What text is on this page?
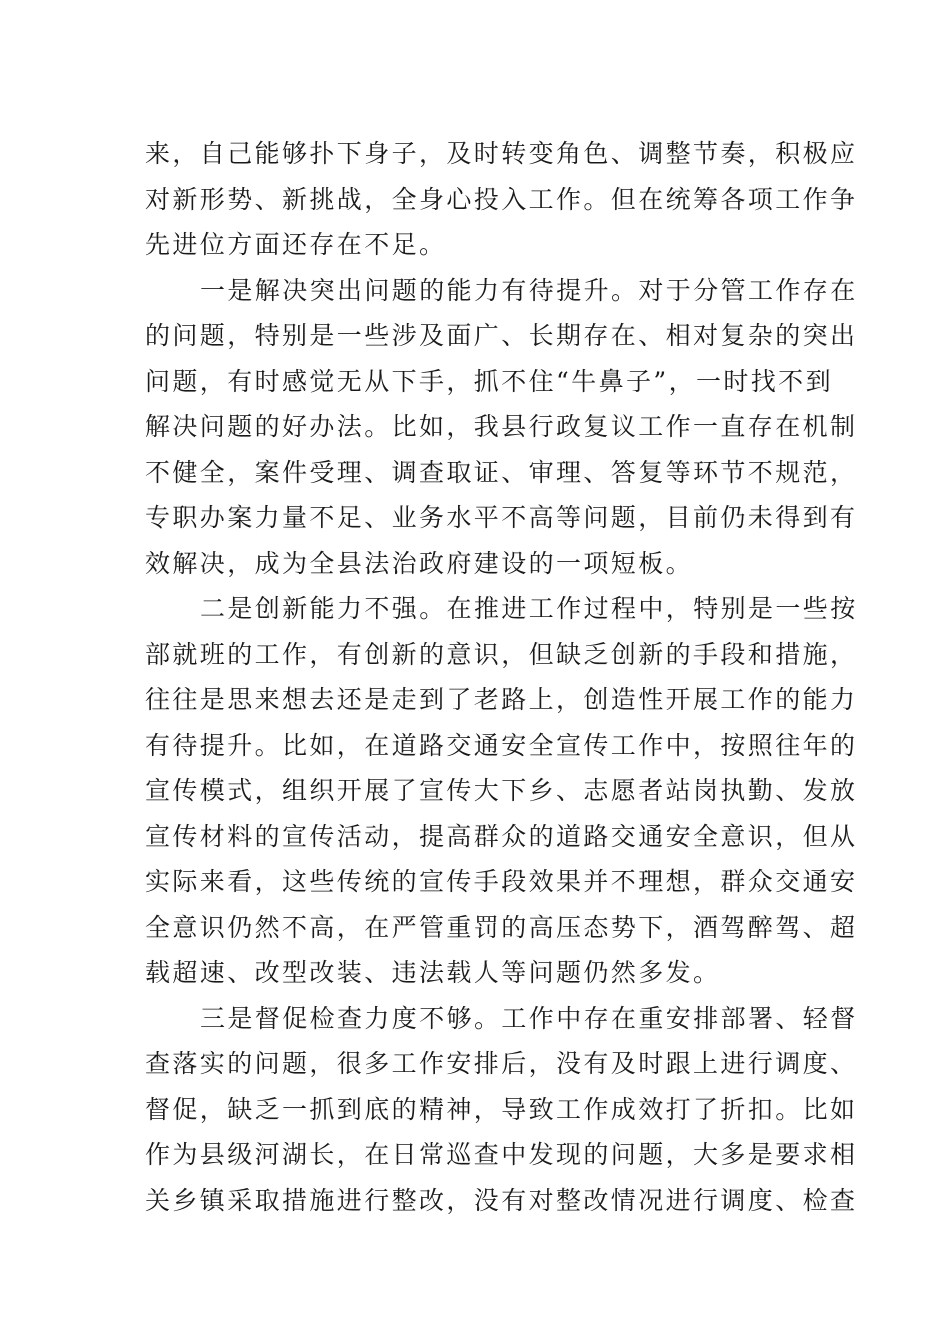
来，自己能够扑下身子，及时转变角色、调整节奏，积极应
对新形势、新挑战，全身心投入工作。但在统筹各项工作争
先进位方面还存在不足。
一是解决突出问题的能力有待提升。对于分管工作存在
的问题，特别是一些涉及面广、长期存在、相对复杂的突出
问题，有时感觉无从下手，抓不住“牛鼻子”，一时找不到
解决问题的好办法。比如，我县行政复议工作一直存在机制
不健全，案件受理、调查取证、审理、答复等环节不规范，
专职办案力量不足、业务水平不高等问题，目前仍未得到有
效解决，成为全县法治政府建设的一项短板。
二是创新能力不强。在推进工作过程中，特别是一些按
部就班的工作，有创新的意识，但缺乏创新的手段和措施，
往往是思来想去还是走到了老路上，创造性开展工作的能力
有待提升。比如，在道路交通安全宣传工作中，按照往年的
宣传模式，组织开展了宣传大下乡、志愿者站岗执勤、发放
宣传材料的宣传活动，提高群众的道路交通安全意识，但从
实际来看，这些传统的宣传手段效果并不理想，群众交通安
全意识仍然不高，在严管重罚的高压态势下，酒驾醉驾、超
载超速、改型改装、违法载人等问题仍然多发。
三是督促检查力度不够。工作中存在重安排部署、轻督
查落实的问题，很多工作安排后，没有及时跟上进行调度、
督促，缺乏一抓到底的精神，导致工作成效打了折扣。比如
作为县级河湖长，在日常巡查中发现的问题，大多是要求相
关乡镇采取措施进行整改，没有对整改情况进行调度、检查
